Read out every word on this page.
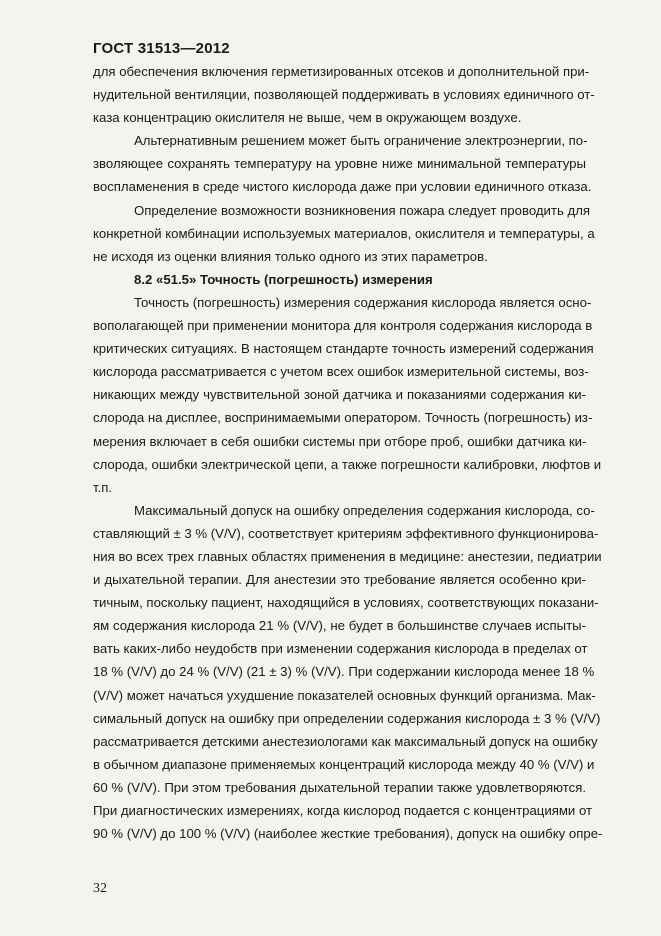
ГОСТ 31513—2012
для обеспечения включения герметизированных отсеков и дополнительной при-
нудительной вентиляции, позволяющей поддерживать в условиях единичного от-
каза концентрацию окислителя не выше, чем в окружающем воздухе.
Альтернативным решением может быть ограничение электроэнергии, по-
зволяющее сохранять температуру на уровне ниже минимальной температуры
воспламенения в среде чистого кислорода даже при условии единичного отказа.
Определение возможности возникновения пожара следует проводить для
конкретной комбинации используемых материалов, окислителя и температуры, а
не исходя из оценки влияния только одного из этих параметров.
8.2 «51.5» Точность (погрешность) измерения
Точность (погрешность) измерения содержания кислорода является осно-
вополагающей при применении монитора для контроля содержания кислорода в
критических ситуациях. В настоящем стандарте точность измерений содержания
кислорода рассматривается с учетом всех ошибок измерительной системы, воз-
никающих между чувствительной зоной датчика и показаниями содержания ки-
слорода на дисплее, воспринимаемыми оператором. Точность (погрешность) из-
мерения включает в себя ошибки системы при отборе проб, ошибки датчика ки-
слорода, ошибки электрической цепи, а также погрешности калибровки, люфтов и
т.п.
Максимальный допуск на ошибку определения содержания кислорода, со-
ставляющий ± 3 % (V/V), соответствует критериям эффективного функционирова-
ния во всех трех главных областях применения в медицине: анестезии, педиатрии
и дыхательной терапии. Для анестезии это требование является особенно кри-
тичным, поскольку пациент, находящийся в условиях, соответствующих показани-
ям содержания кислорода 21 % (V/V), не будет в большинстве случаев испыты-
вать каких-либо неудобств при изменении содержания кислорода в пределах от
18 % (V/V) до 24 % (V/V) (21 ± 3) % (V/V). При содержании кислорода менее 18 %
(V/V) может начаться ухудшение показателей основных функций организма. Мак-
симальный допуск на ошибку при определении содержания кислорода ± 3 % (V/V)
рассматривается детскими анестезиологами как максимальный допуск на ошибку
в обычном диапазоне применяемых концентраций кислорода между 40 % (V/V) и
60 % (V/V). При этом требования дыхательной терапии также удовлетворяются.
При диагностических измерениях, когда кислород подается с концентрациями от
90 % (V/V) до 100 % (V/V) (наиболее жесткие требования), допуск на ошибку опре-
32
